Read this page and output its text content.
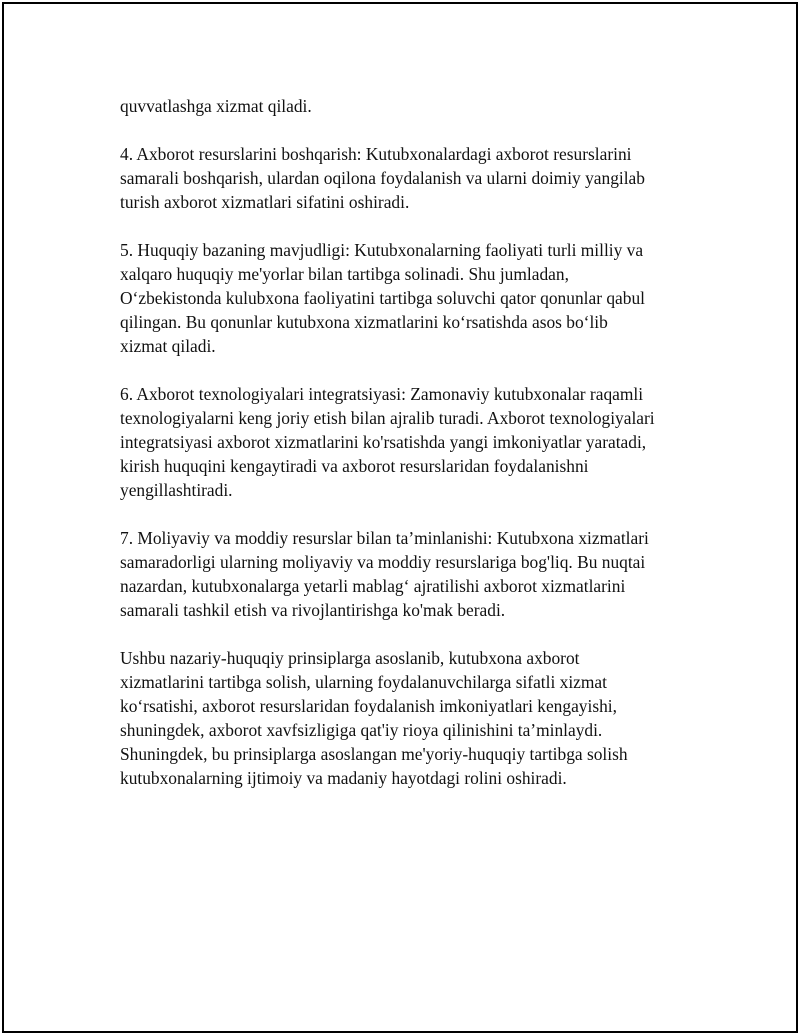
quvvatlashga xizmat qiladi.

4. Axborot resurslarini boshqarish: Kutubxonalardagi axborot resurslarini
samarali boshqarish, ulardan oqilona foydalanish va ularni doimiy yangilab
turish axborot xizmatlari sifatini oshiradi.

5. Huquqiy bazaning mavjudligi: Kutubxonalarning faoliyati turli milliy va
xalqaro huquqiy me'yorlar bilan tartibga solinadi. Shu jumladan,
O‘zbekistonda kulubxona faoliyatini tartibga soluvchi qator qonunlar qabul
qilingan. Bu qonunlar kutubxona xizmatlarini ko‘rsatishda asos bo‘lib
xizmat qiladi.

6. Axborot texnologiyalari integratsiyasi: Zamonaviy kutubxonalar raqamli
texnologiyalarni keng joriy etish bilan ajralib turadi. Axborot texnologiyalari
integratsiyasi axborot xizmatlarini ko'rsatishda yangi imkoniyatlar yaratadi,
kirish huquqini kengaytiradi va axborot resurslaridan foydalanishni
yengillashtiradi.

7. Moliyaviy va moddiy resurslar bilan ta’minlanishi: Kutubxona xizmatlari
samaradorligi ularning moliyaviy va moddiy resurslariga bog'liq. Bu nuqtai
nazardan, kutubxonalarga yetarli mablag‘ ajratilishi axborot xizmatlarini
samarali tashkil etish va rivojlantirishga ko'mak beradi.

Ushbu nazariy-huquqiy prinsiplarga asoslanib, kutubxona axborot
xizmatlarini tartibga solish, ularning foydalanuvchilarga sifatli xizmat
ko‘rsatishi, axborot resurslaridan foydalanish imkoniyatlari kengayishi,
shuningdek, axborot xavfsizligiga qat'iy rioya qilinishini ta’minlaydi.
Shuningdek, bu prinsiplarga asoslangan me'yoriy-huquqiy tartibga solish
kutubxonalarning ijtimoiy va madaniy hayotdagi rolini oshiradi.
